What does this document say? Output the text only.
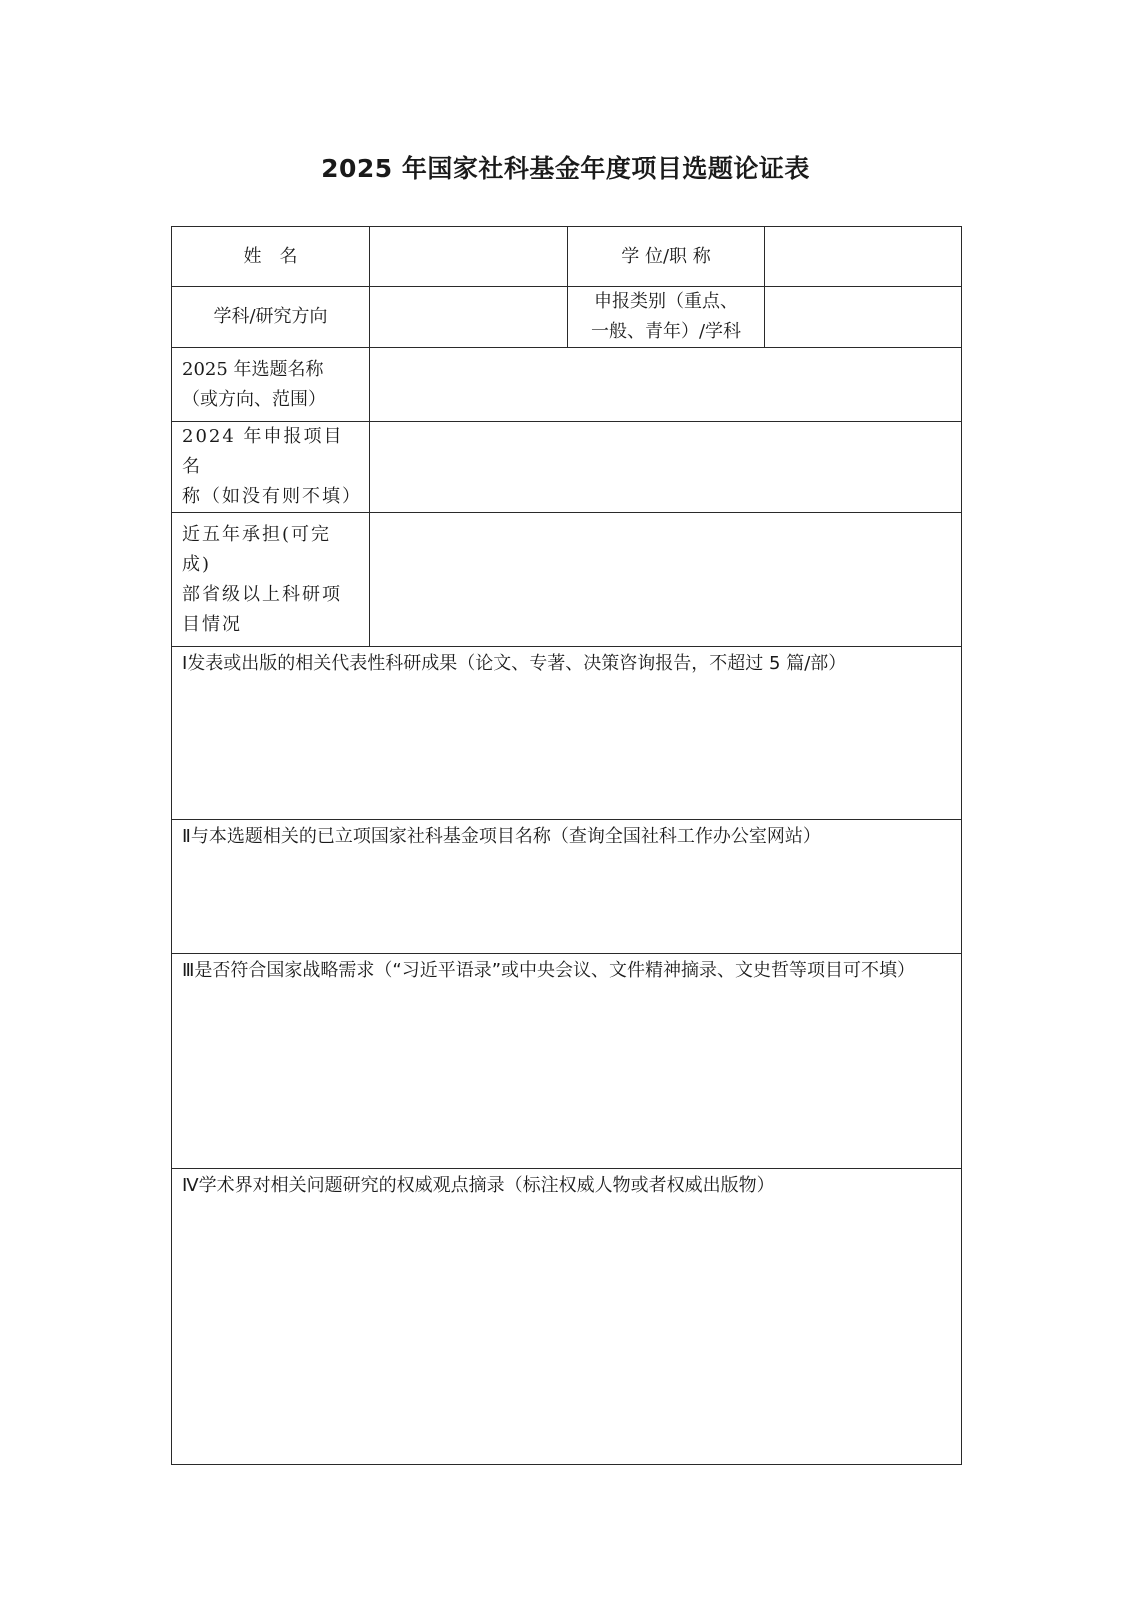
2025 年国家社科基金年度项目选题论证表
姓　名		学 位/职 称	
学科/研究方向		申报类别（重点、
一般、青年）/学科	

2025 年选题名称
（或方向、范围）			

2024 年申报项目名
称（如没有则不填）			

近五年承担(可完成)
部省级以上科研项
目情况			

Ⅰ发表或出版的相关代表性科研成果（论文、专著、决策咨询报告，不超过 5 篇/部）			
Ⅱ与本选题相关的已立项国家社科基金项目名称（查询全国社科工作办公室网站）			
Ⅲ是否符合国家战略需求（“习近平语录”或中央会议、文件精神摘录、文史哲等项目可不填）			
Ⅳ学术界对相关问题研究的权威观点摘录（标注权威人物或者权威出版物）			
